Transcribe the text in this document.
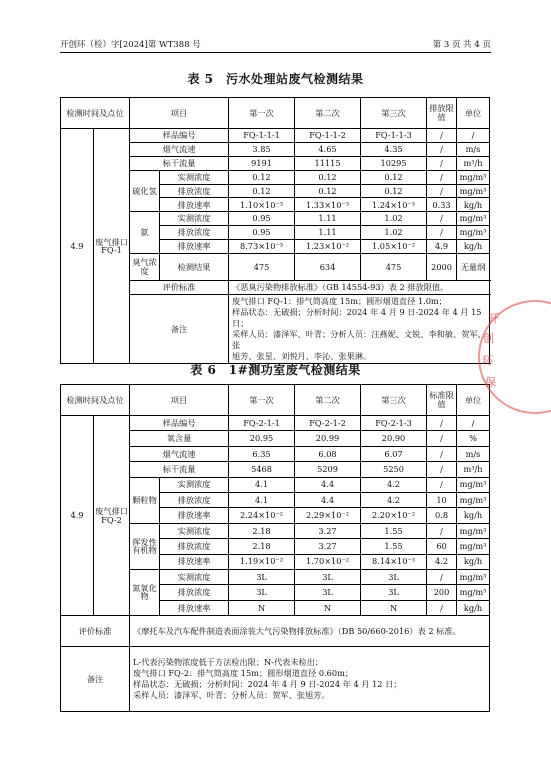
开创环（检）字[2024]第 WT388 号	第 3 页 共 4 页
表 5　污水处理站废气检测结果
检测时间及点位		项目		第一次	第二次	第三次	排放限值	单位
4.9	废气排口FQ-1	样品编号		FQ-1-1-1	FQ-1-1-2	FQ-1-1-3	/	/
		烟气流速		3.85	4.65	4.35	/	m/s
		标干流量		9191	11115	10295	/	m³/h
		硫化氢	实测浓度	0.12	0.12	0.12	/	mg/m³
			排放浓度	0.12	0.12	0.12	/	mg/m³
			排放速率	1.10×10⁻³	1.33×10⁻³	1.24×10⁻³	0.33	kg/h
		氨	实测浓度	0.95	1.11	1.02	/	mg/m³
			排放浓度	0.95	1.11	1.02	/	mg/m³
			排放速率	8.73×10⁻³	1.23×10⁻²	1.05×10⁻²	4.9	kg/h
		臭气浓度	检测结果	475	634	475	2000	无量纲
		评价标准		《恶臭污染物排放标准》（GB 14554-93）表 2 排放限值。				
		备注		废气排口 FQ-1：排气筒高度 15m；圆形烟道直径 1.0m；
样品状态：无破损；分析时间：2024 年 4 月 9 日-2024 年 4 月 15 日；
采样人员：漆泽军、叶青；分析人员：汪燕妮、文锐、李和敏、贺军、张
旭芳、张星、刘悦月、李沁、张果淋。				
表 6　1#测功室废气检测结果
检测时间及点位		项目		第一次	第二次	第三次	标准限值	单位
4.9	废气排口FQ-2	样品编号		FQ-2-1-1	FQ-2-1-2	FQ-2-1-3	/	/
		氧含量		20.95	20.99	20.90	/	%
		烟气流速		6.35	6.08	6.07	/	m/s
		标干流量		5468	5209	5250	/	m³/h
		颗粒物	实测浓度	4.1	4.4	4.2	/	mg/m³
			排放浓度	4.1	4.4	4.2	10	mg/m³
			排放速率	2.24×10⁻²	2.29×10⁻²	2.20×10⁻²	0.8	kg/h
		挥发性有机物	实测浓度	2.18	3.27	1.55	/	mg/m³
			排放浓度	2.18	3.27	1.55	60	mg/m³
			排放速率	1.19×10⁻²	1.70×10⁻²	8.14×10⁻³	4.2	kg/h
		氮氧化物	实测浓度	3L	3L	3L	/	mg/m³
			排放浓度	3L	3L	3L	200	mg/m³
			排放速率	N	N	N	/	kg/h
评价标准		《摩托车及汽车配件制造表面涂装大气污染物排放标准》（DB 50/660-2016）表 2 标准。						
备注		L-代表污染物浓度低于方法检出限；N-代表未检出；
废气排口 FQ-2：排气筒高度 15m；圆形烟道直径 0.60m；
样品状态：无破损；分析时间：2024 年 4 月 9 日-2024 年 4 月 12 日；
采样人员：漆泽军、叶青；分析人员：贺军、张旭芳。						
开
创
环
保
